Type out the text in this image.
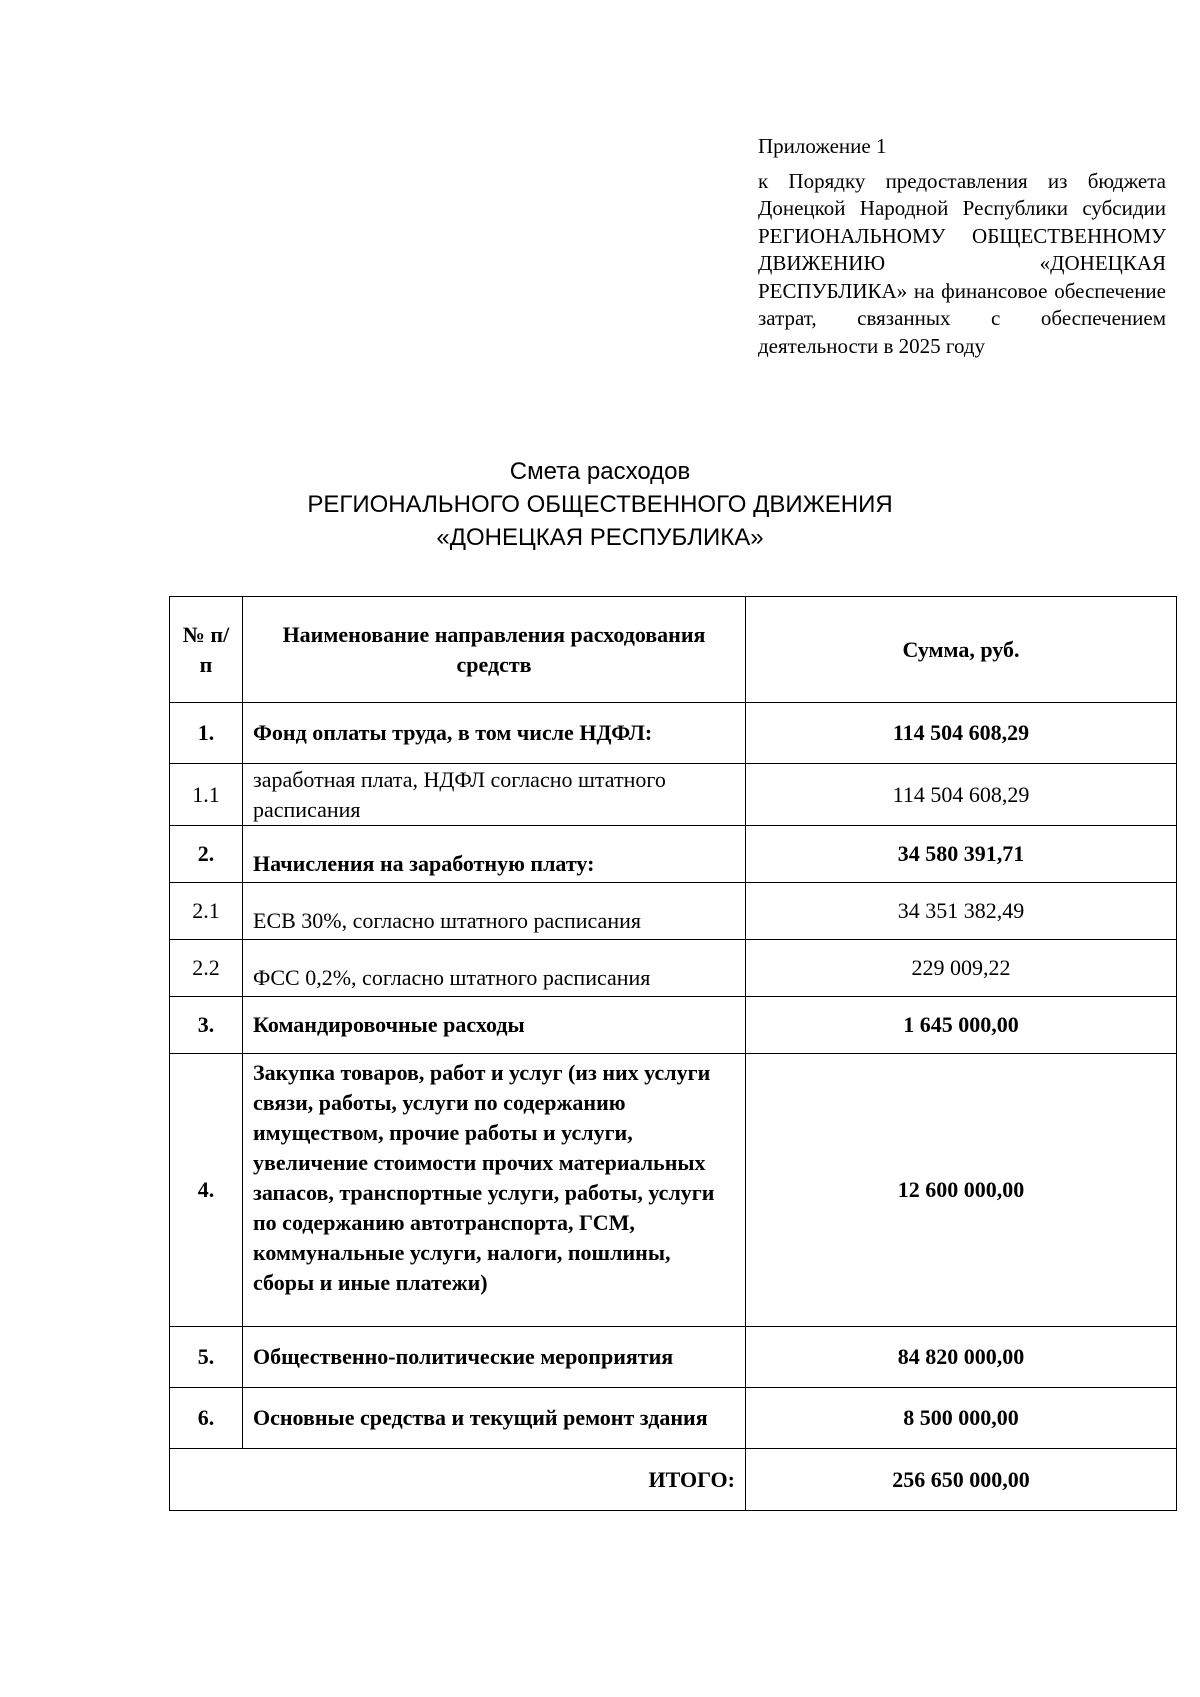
Приложение 1
к Порядку предоставления из бюджета Донецкой Народной Республики субсидии РЕГИОНАЛЬНОМУ ОБЩЕСТВЕННОМУ ДВИЖЕНИЮ «ДОНЕЦКАЯ РЕСПУБЛИКА» на финансовое обеспечение затрат, связанных с обеспечением деятельности в 2025 году
Смета расходов
РЕГИОНАЛЬНОГО ОБЩЕСТВЕННОГО ДВИЖЕНИЯ
«ДОНЕЦКАЯ РЕСПУБЛИКА»
№ п/п	Наименование направления расходования средств	Сумма, руб.
1.	Фонд оплаты труда, в том числе НДФЛ:	114 504 608,29
1.1	заработная плата, НДФЛ согласно штатного расписания	114 504 608,29
2.	Начисления на заработную плату:	34 580 391,71
2.1	ЕСВ 30%, согласно штатного расписания	34 351 382,49
2.2	ФСС 0,2%, согласно штатного расписания	229 009,22
3.	Командировочные расходы	1 645 000,00
4.	Закупка товаров, работ и услуг (из них услуги связи, работы, услуги по содержанию имуществом, прочие работы и услуги, увеличение стоимости прочих материальных запасов, транспортные услуги, работы, услуги по содержанию автотранспорта, ГСМ, коммунальные услуги, налоги, пошлины, сборы и иные платежи)	12 600 000,00
5.	Общественно-политические мероприятия	84 820 000,00
6.	Основные средства и текущий ремонт здания	8 500 000,00
ИТОГО:		256 650 000,00
